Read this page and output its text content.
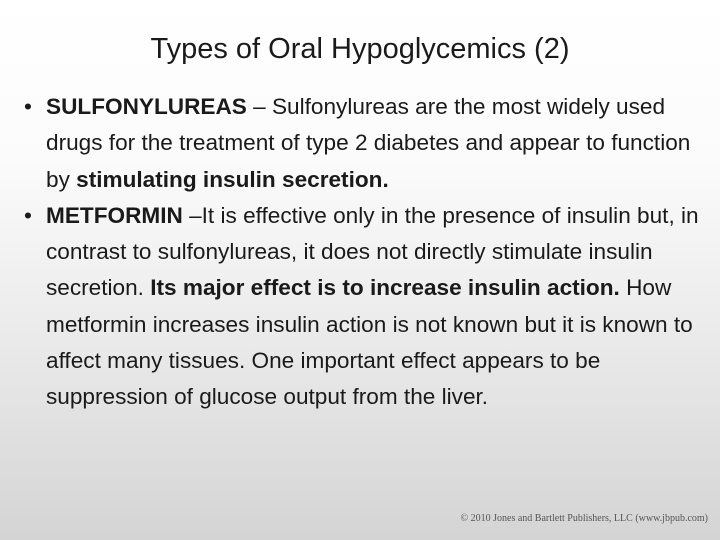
Types of Oral Hypoglycemics (2)
• SULFONYLUREAS – Sulfonylureas are the most widely used drugs for the treatment of type 2 diabetes and appear to function by stimulating insulin secretion.
• METFORMIN –It is effective only in the presence of insulin but, in contrast to sulfonylureas, it does not directly stimulate insulin secretion. Its major effect is to increase insulin action. How metformin increases insulin action is not known but it is known to affect many tissues. One important effect appears to be suppression of glucose output from the liver.
© 2010 Jones and Bartlett Publishers, LLC (www.jbpub.com)
